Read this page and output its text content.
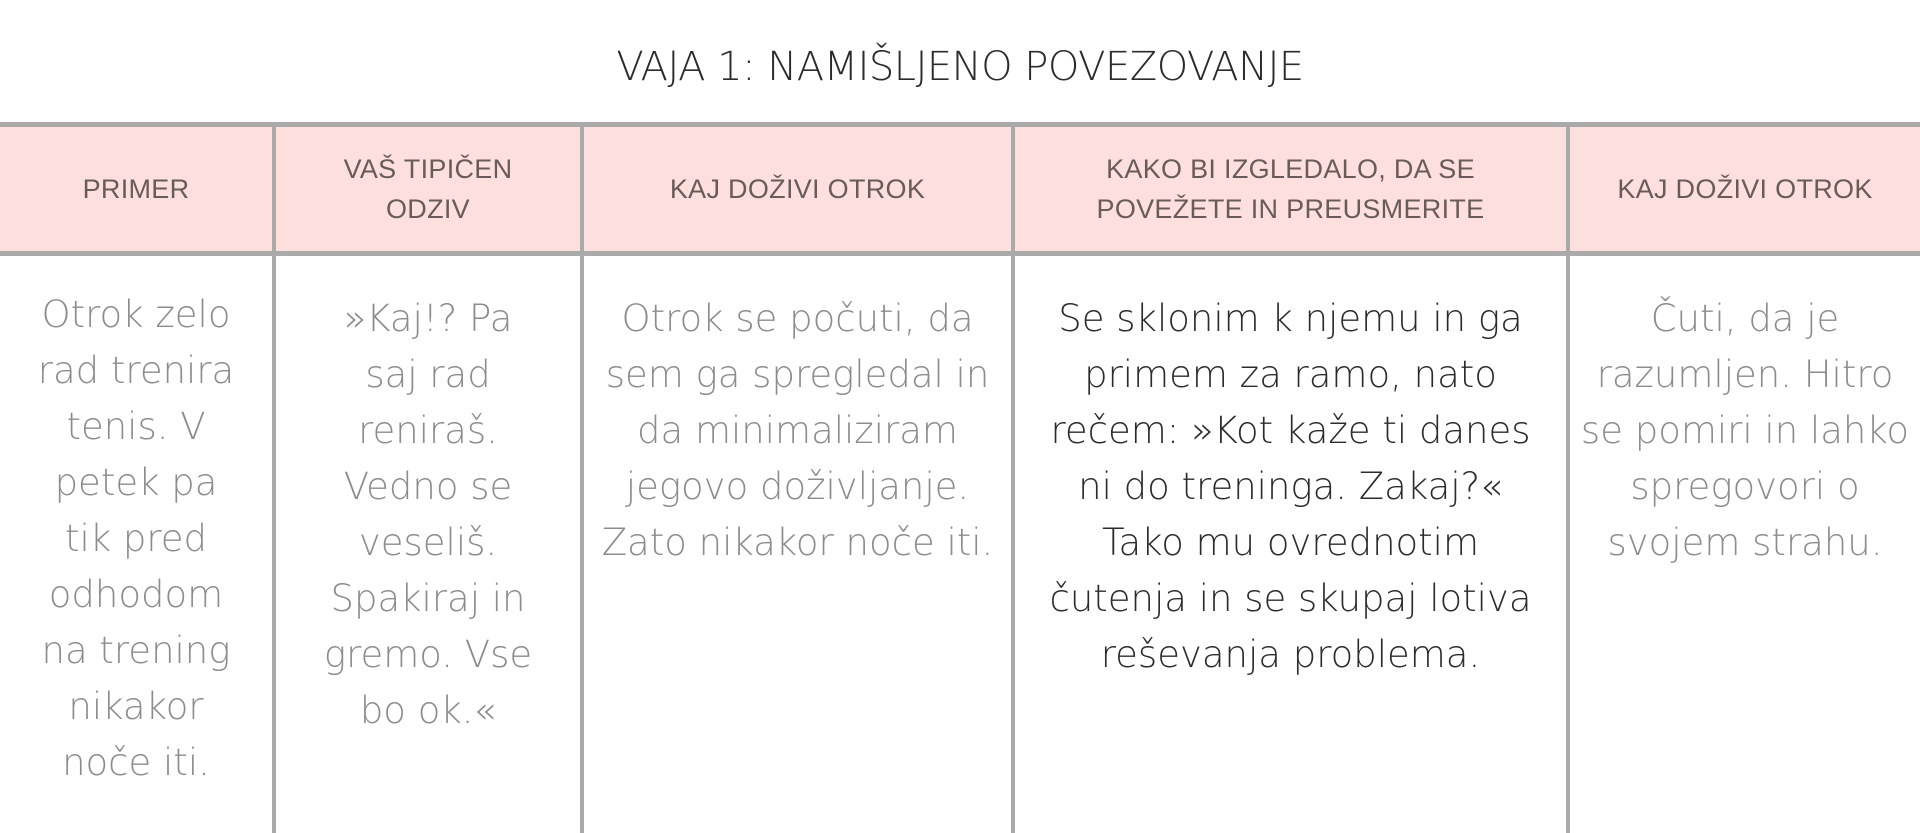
VAJA 1: NAMIŠLJENO POVEZOVANJE
PRIMER
VAŠ TIPIČEN ODZIV
KAJ DOŽIVI OTROK
KAKO BI IZGLEDALO, DA SE POVEŽETE IN PREUSMERITE
KAJ DOŽIVI OTROK
Otrok zelo
rad trenira
tenis. V
petek pa
tik pred
odhodom
na trening
nikakor
noče iti.
»Kaj!? Pa
saj rad
reniraš.
Vedno se
veseliš.
Spakiraj in
gremo. Vse
bo ok.«
Otrok se počuti, da
sem ga spregledal in
da minimaliziram
jegovo doživljanje.
Zato nikakor noče iti.
Se sklonim k njemu in ga
primem za ramo, nato
rečem: »Kot kaže ti danes
ni do treninga. Zakaj?«
Tako mu ovrednotim
čutenja in se skupaj lotiva
reševanja problema.
Čuti, da je
razumljen. Hitro
se pomiri in lahko
spregovori o
svojem strahu.
